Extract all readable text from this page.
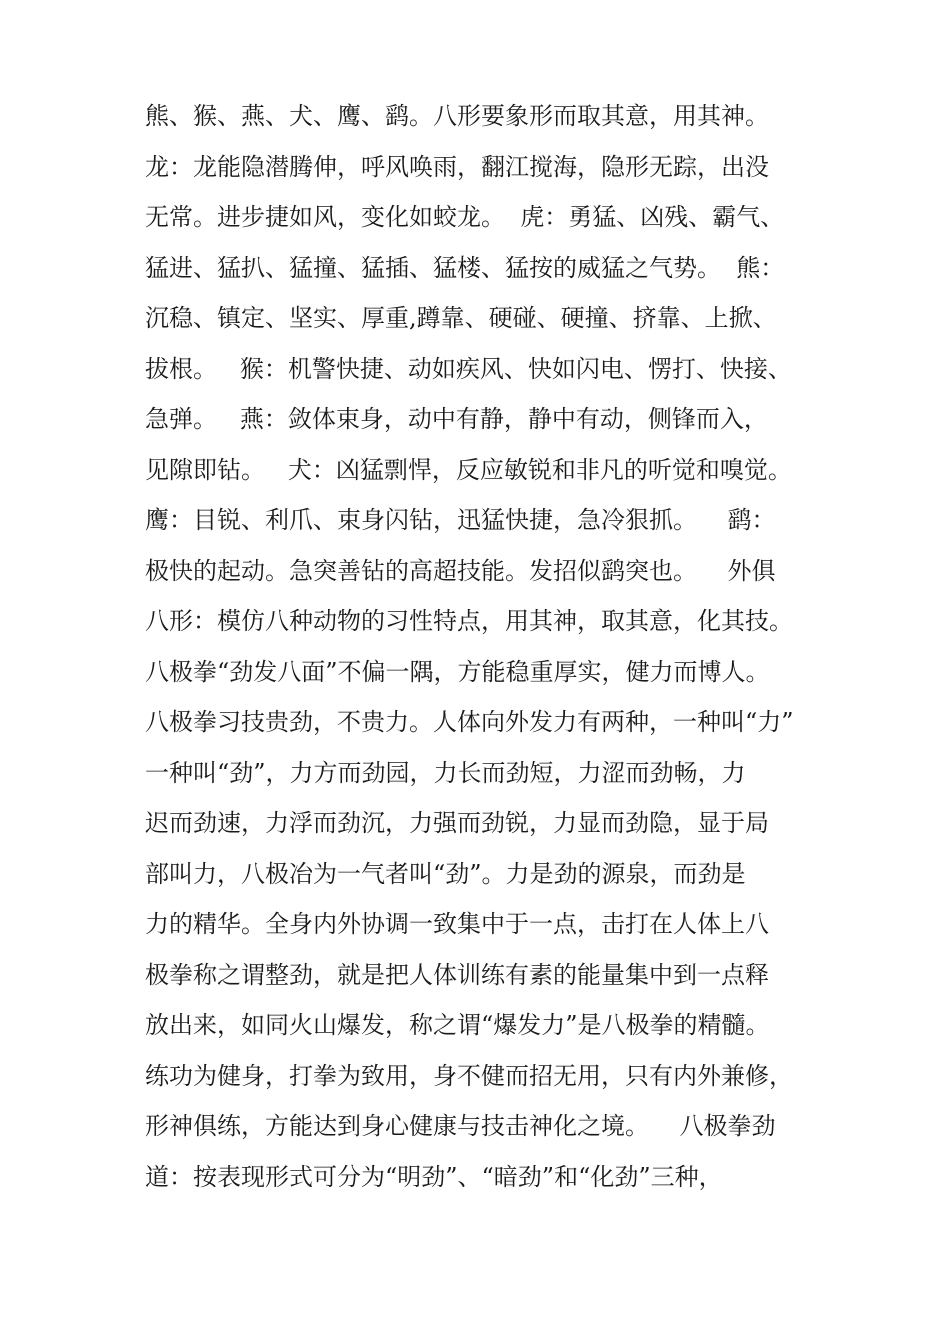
熊、猴、燕、犬、鹰、鹞。八形要象形而取其意，用其神。
龙：龙能隐潜腾伸，呼风唤雨，翻江搅海，隐形无踪，出没
无常。进步捷如风，变化如蛟龙。  虎：勇猛、凶残、霸气、
猛进、猛扒、猛撞、猛插、猛楼、猛按的威猛之气势。  熊：
沉稳、镇定、坚实、厚重,蹲靠、硬碰、硬撞、挤靠、上掀、
拔根。   猴：机警快捷、动如疾风、快如闪电、愣打、快接、
急弹。   燕：敛体束身，动中有静，静中有动，侧锋而入，
见隙即钻。   犬：凶猛剽悍，反应敏锐和非凡的听觉和嗅觉。
鹰：目锐、利爪、束身闪钻，迅猛快捷，急冷狠抓。    鹞：
极快的起动。急突善钻的高超技能。发招似鹞突也。    外俱
八形：模仿八种动物的习性特点，用其神，取其意，化其技。
八极拳“劲发八面”不偏一隅，方能稳重厚实，健力而博人。
八极拳习技贵劲，不贵力。人体向外发力有两种，一种叫“力”
一种叫“劲”，力方而劲园，力长而劲短，力涩而劲畅，力
迟而劲速，力浮而劲沉，力强而劲锐，力显而劲隐，显于局
部叫力，八极冶为一气者叫“劲”。力是劲的源泉，而劲是
力的精华。全身内外协调一致集中于一点，击打在人体上八
极拳称之谓整劲，就是把人体训练有素的能量集中到一点释
放出来，如同火山爆发，称之谓“爆发力”是八极拳的精髓。
练功为健身，打拳为致用，身不健而招无用，只有内外兼修，
形神俱练，方能达到身心健康与技击神化之境。    八极拳劲
道：按表现形式可分为“明劲”、“暗劲”和“化劲”三种，
